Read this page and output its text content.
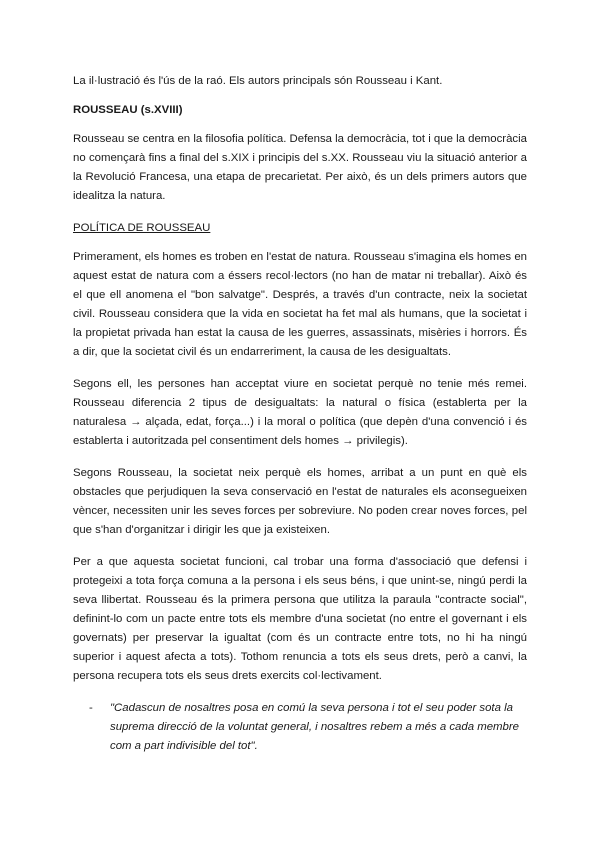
La il·lustració és l'ús de la raó. Els autors principals són Rousseau i Kant.

ROUSSEAU (s.XVIII)

Rousseau se centra en la filosofia política. Defensa la democràcia, tot i que la democràcia no començarà fins a final del s.XIX i principis del s.XX. Rousseau viu la situació anterior a la Revolució Francesa, una etapa de precarietat. Per això, és un dels primers autors que idealitza la natura.

POLÍTICA DE ROUSSEAU

Primerament, els homes es troben en l'estat de natura. Rousseau s'imagina els homes en aquest estat de natura com a éssers recol·lectors (no han de matar ni treballar). Això és el que ell anomena el "bon salvatge". Després, a través d'un contracte, neix la societat civil. Rousseau considera que la vida en societat ha fet mal als humans, que la societat i la propietat privada han estat la causa de les guerres, assassinats, misèries i horrors. És a dir, que la societat civil és un endarreriment, la causa de les desigualtats.

Segons ell, les persones han acceptat viure en societat perquè no tenie més remei. Rousseau diferencia 2 tipus de desigualtats: la natural o física (establerta per la naturalesa → alçada, edat, força...) i la moral o política (que depèn d'una convenció i és establerta i autoritzada pel consentiment dels homes → privilegis).

Segons Rousseau, la societat neix perquè els homes, arribat a un punt en què els obstacles que perjudiquen la seva conservació en l'estat de naturales els aconsegueixen vèncer, necessiten unir les seves forces per sobreviure. No poden crear noves forces, pel que s'han d'organitzar i dirigir les que ja existeixen.

Per a que aquesta societat funcioni, cal trobar una forma d'associació que defensi i protegeixi a tota força comuna a la persona i els seus béns, i que unint-se, ningú perdi la seva llibertat. Rousseau és la primera persona que utilitza la paraula "contracte social", definint-lo com un pacte entre tots els membre d'una societat (no entre el governant i els governats) per preservar la igualtat (com és un contracte entre tots, no hi ha ningú superior i aquest afecta a tots). Tothom renuncia a tots els seus drets, però a canvi, la persona recupera tots els seus drets exercits col·lectivament.

- "Cadascun de nosaltres posa en comú la seva persona i tot el seu poder sota la suprema direcció de la voluntat general, i nosaltres rebem a més a cada membre com a part indivisible del tot".
